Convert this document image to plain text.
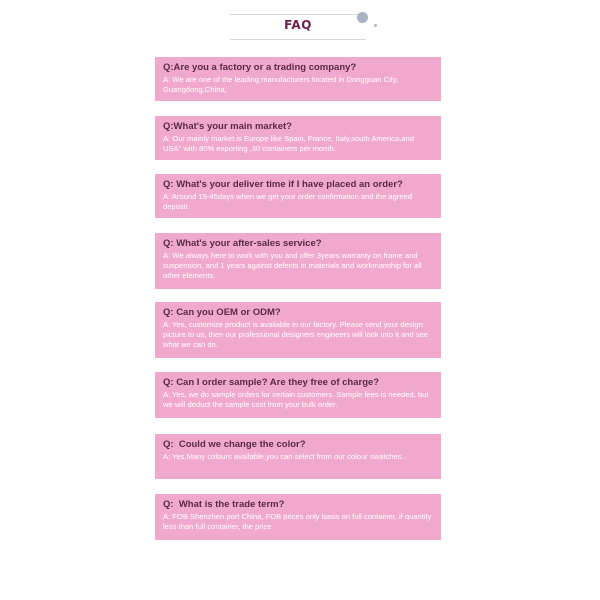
FAQ
Q:Are you a factory or a trading company?
A: We are one of the leading manufacturers located in Dongguan City, Guangdong,China,
Q:What's your main market?
A: Our mainly market is Europe like Spain, France, Italy,south America,and USA" with 80% exporting ,30 containers per month.
Q: What's your deliver time if I have placed an order?
A: Around 15-45days when we get your order confirmation and the agreed deposit.
Q: What's your after-sales service?
A: We always here to work with you and offer 3years warranty on frame and suspension, and 1 years against defects in materials and workmanship for all other elements.
Q: Can you OEM or ODM?
A: Yes, customize product is available in our factory. Please send your design picture to us, then our professional designers engineers will look into it and see what we can do.
Q: Can I order sample? Are they free of charge?
A: Yes, we do sample orders for certain customers. Sample fees is needed, but we will deduct the sample cost from your bulk order.
Q:  Could we change the color?
A: Yes,Many colours available,you can select from our colour swatches..
Q:  What is the trade term?
A: FOB Shenzhen port China, FOB prices only basis on full container, if quantity less than full container, the price
